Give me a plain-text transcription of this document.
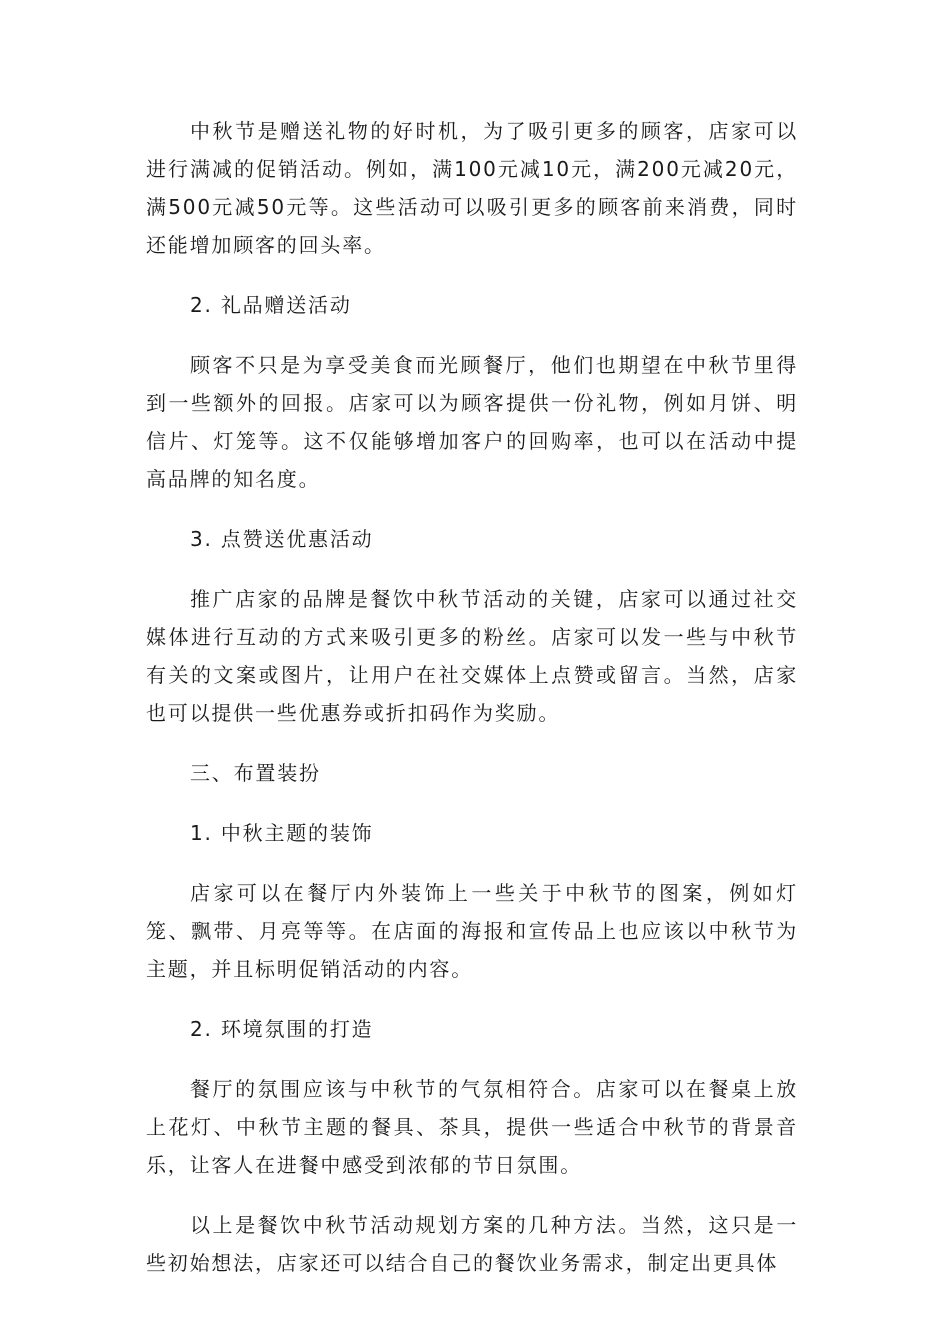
中秋节是赠送礼物的好时机，为了吸引更多的顾客，店家可以进行满减的促销活动。例如，满100元减10元，满200元减20元，满500元减50元等。这些活动可以吸引更多的顾客前来消费，同时还能增加顾客的回头率。

2. 礼品赠送活动

顾客不只是为享受美食而光顾餐厅，他们也期望在中秋节里得到一些额外的回报。店家可以为顾客提供一份礼物，例如月饼、明信片、灯笼等。这不仅能够增加客户的回购率，也可以在活动中提高品牌的知名度。

3. 点赞送优惠活动

推广店家的品牌是餐饮中秋节活动的关键，店家可以通过社交媒体进行互动的方式来吸引更多的粉丝。店家可以发一些与中秋节有关的文案或图片，让用户在社交媒体上点赞或留言。当然，店家也可以提供一些优惠券或折扣码作为奖励。

三、布置装扮

1. 中秋主题的装饰

店家可以在餐厅内外装饰上一些关于中秋节的图案，例如灯笼、飘带、月亮等等。在店面的海报和宣传品上也应该以中秋节为主题，并且标明促销活动的内容。

2. 环境氛围的打造

餐厅的氛围应该与中秋节的气氛相符合。店家可以在餐桌上放上花灯、中秋节主题的餐具、茶具，提供一些适合中秋节的背景音乐，让客人在进餐中感受到浓郁的节日氛围。

以上是餐饮中秋节活动规划方案的几种方法。当然，这只是一些初始想法，店家还可以结合自己的餐饮业务需求，制定出更具体
